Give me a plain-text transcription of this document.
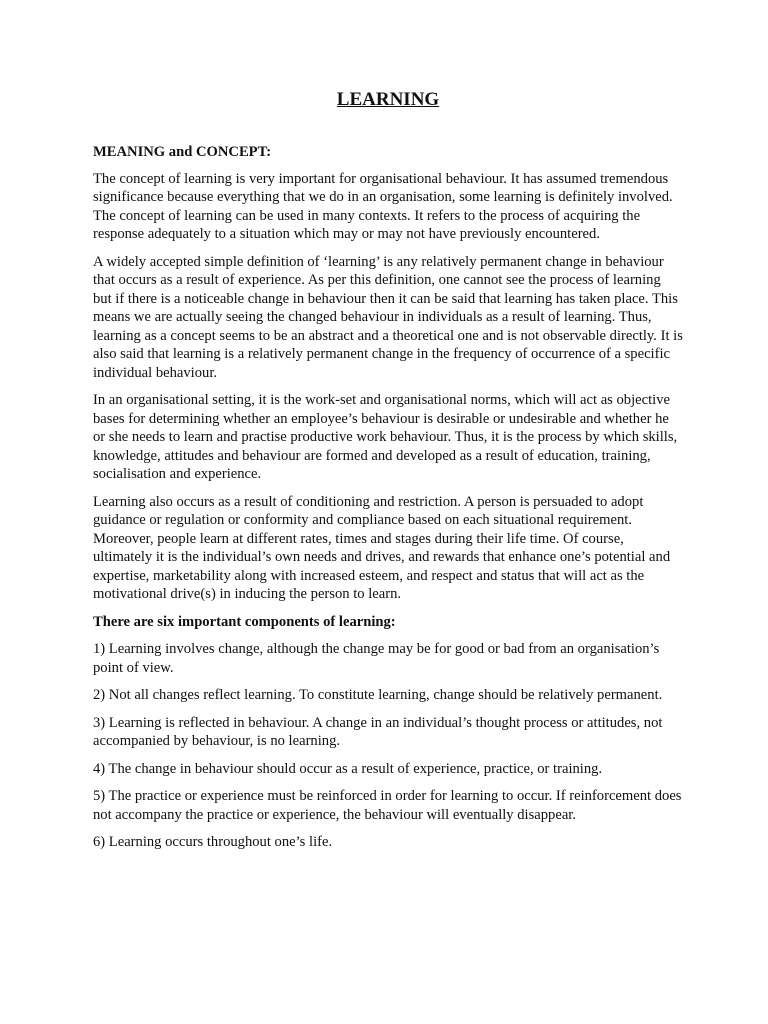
LEARNING
MEANING and CONCEPT:

The concept of learning is very important for organisational behaviour. It has assumed tremendous significance because everything that we do in an organisation, some learning is definitely involved. The concept of learning can be used in many contexts. It refers to the process of acquiring the response adequately to a situation which may or may not have previously encountered.

A widely accepted simple definition of ‘learning’ is any relatively permanent change in behaviour that occurs as a result of experience. As per this definition, one cannot see the process of learning but if there is a noticeable change in behaviour then it can be said that learning has taken place. This means we are actually seeing the changed behaviour in individuals as a result of learning. Thus, learning as a concept seems to be an abstract and a theoretical one and is not observable directly. It is also said that learning is a relatively permanent change in the frequency of occurrence of a specific individual behaviour.

In an organisational setting, it is the work-set and organisational norms, which will act as objective bases for determining whether an employee’s behaviour is desirable or undesirable and whether he or she needs to learn and practise productive work behaviour. Thus, it is the process by which skills, knowledge, attitudes and behaviour are formed and developed as a result of education, training, socialisation and experience.

Learning also occurs as a result of conditioning and restriction. A person is persuaded to adopt guidance or regulation or conformity and compliance based on each situational requirement. Moreover, people learn at different rates, times and stages during their life time. Of course, ultimately it is the individual’s own needs and drives, and rewards that enhance one’s potential and expertise, marketability along with increased esteem, and respect and status that will act as the motivational drive(s) in inducing the person to learn.

There are six important components of learning:

1) Learning involves change, although the change may be for good or bad from an organisation’s point of view.

2) Not all changes reflect learning. To constitute learning, change should be relatively permanent.

3) Learning is reflected in behaviour. A change in an individual’s thought process or attitudes, not accompanied by behaviour, is no learning.

4) The change in behaviour should occur as a result of experience, practice, or training.

5) The practice or experience must be reinforced in order for learning to occur. If reinforcement does not accompany the practice or experience, the behaviour will eventually disappear.

6) Learning occurs throughout one’s life.
